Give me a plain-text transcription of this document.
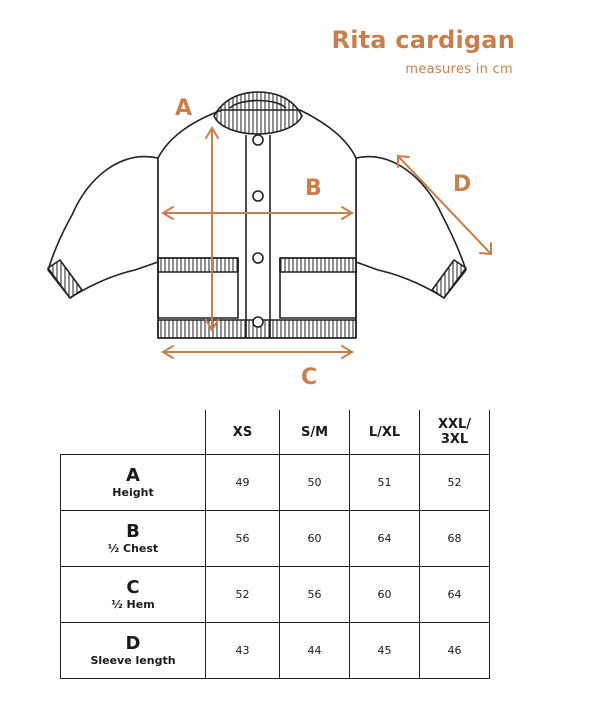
Rita cardigan
measures in cm
A
B
C
D
	XS	S/M	L/XL	XXL/
3XL

A
Height	49	50	51	52

B
½ Chest	56	60	64	68

C
½ Hem	52	56	60	64

D
Sleeve length	43	44	45	46
